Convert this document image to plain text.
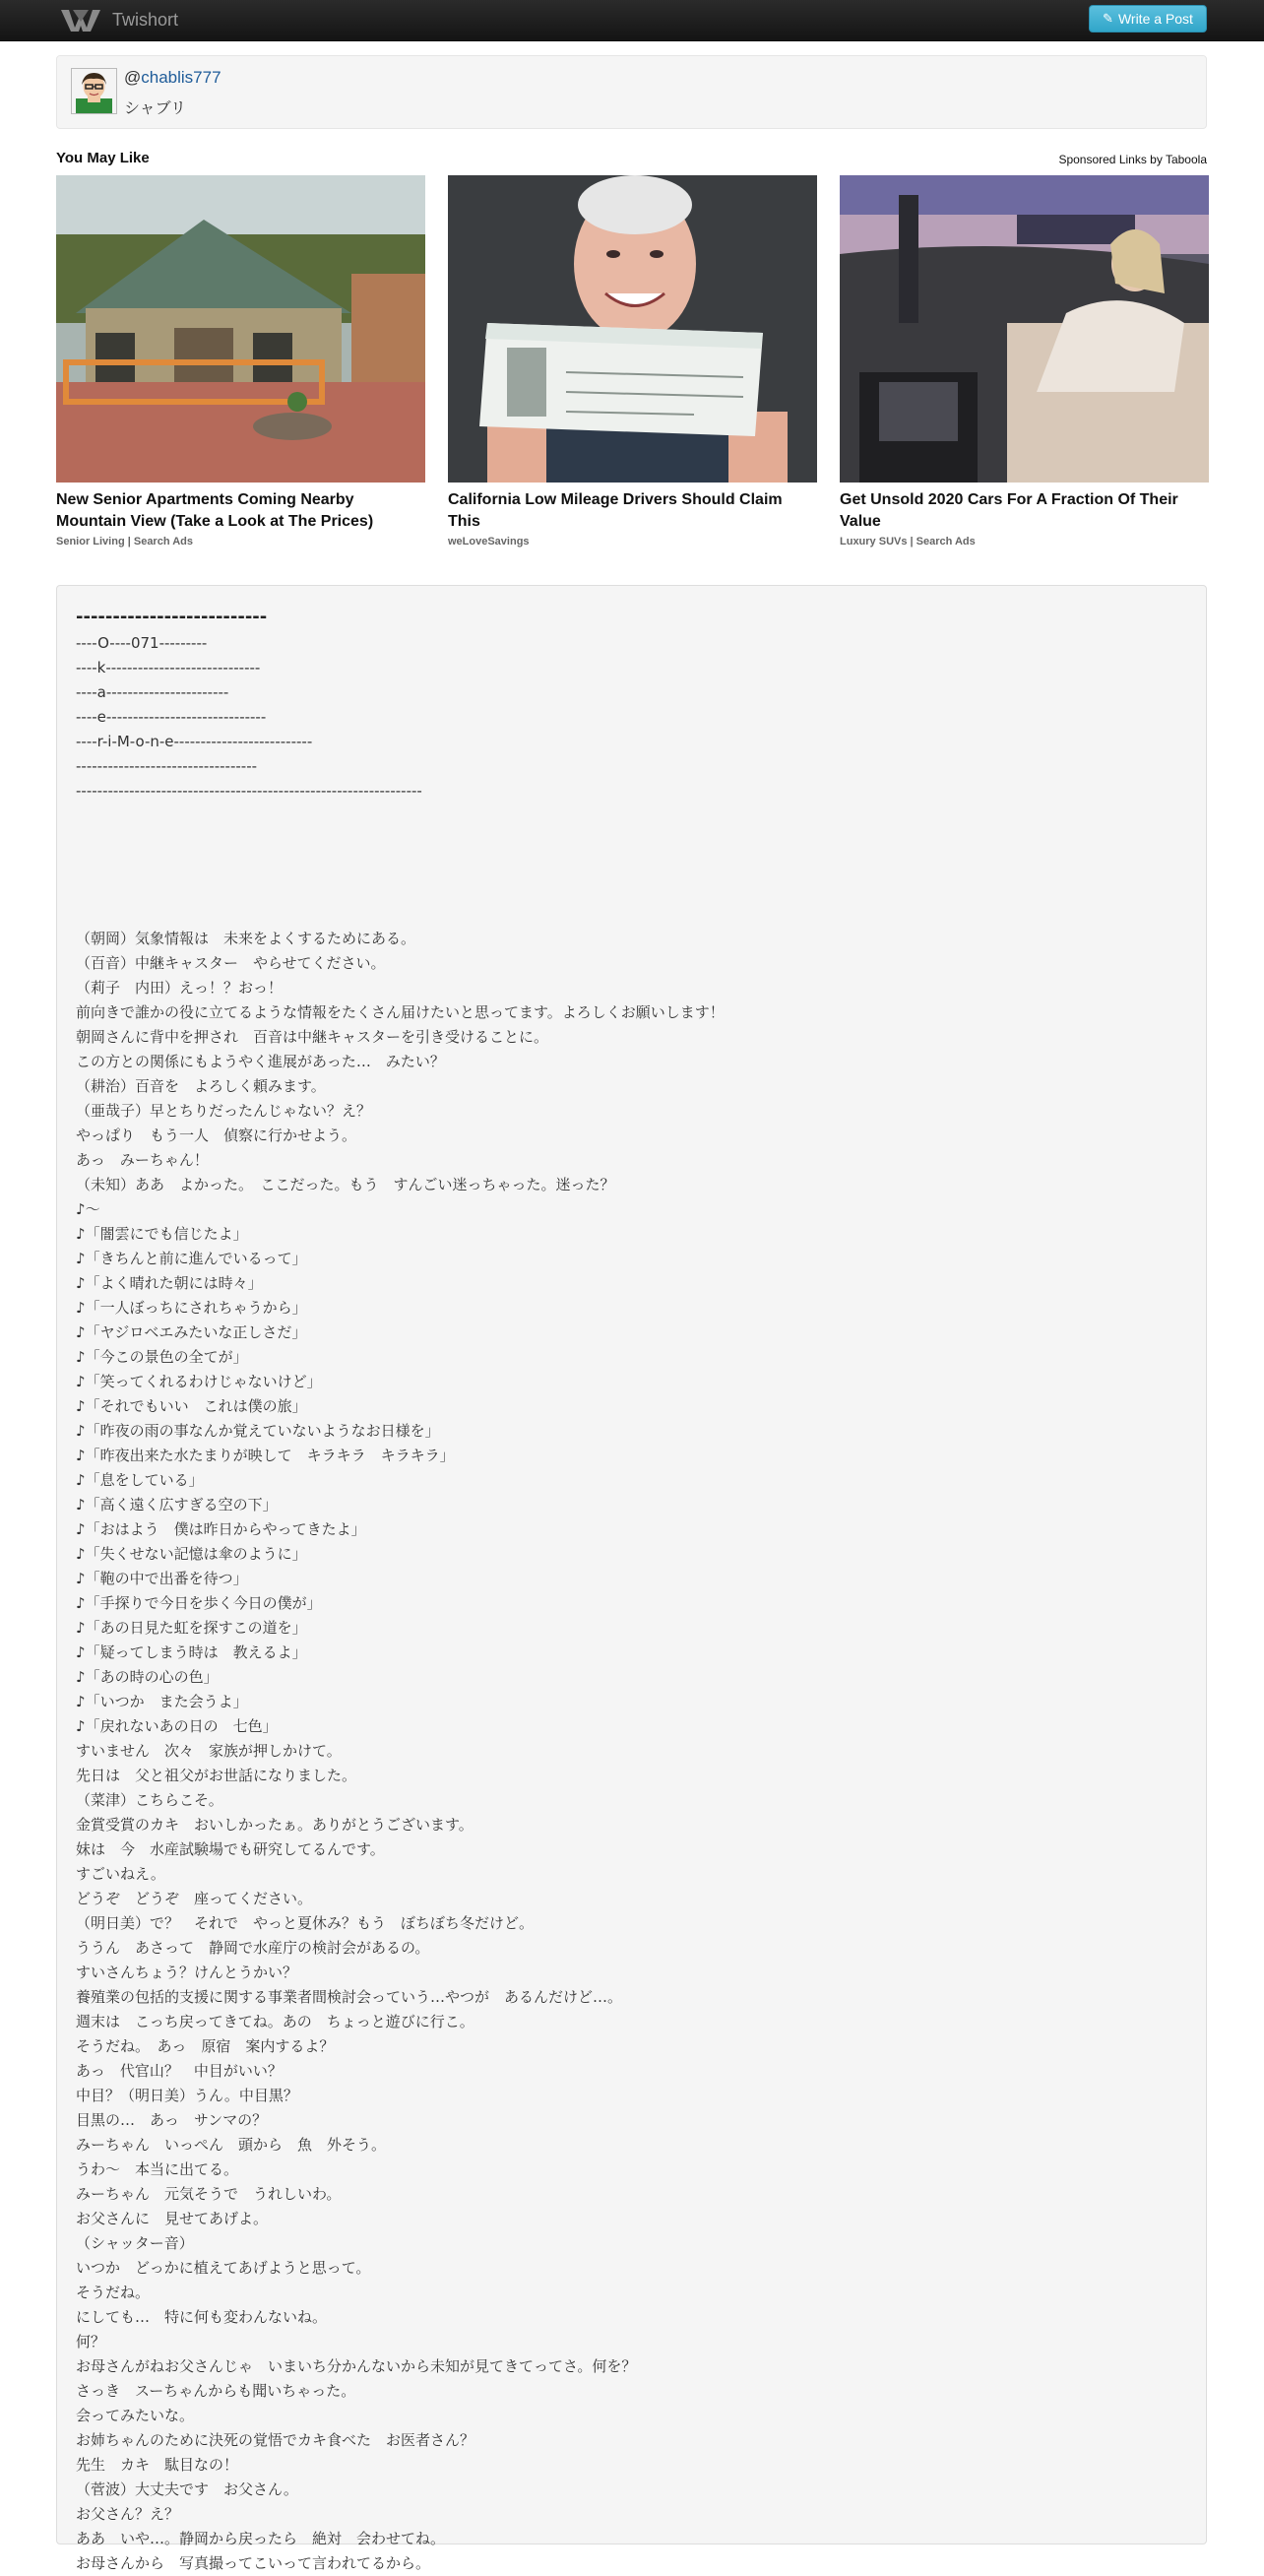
Twishort	✎ Write a Post
@chablis777
シャブリ
You May Like	Sponsored Links by Taboola
New Senior Apartments Coming Nearby
Mountain View (Take a Look at The Prices)
Senior Living | Search Ads
California Low Mileage Drivers Should Claim This
weLoveSavings
Get Unsold 2020 Cars For A Fraction Of Their
Value
Luxury SUVs | Search Ads
--------------------------
----O----071---------
----k-----------------------------
----a-----------------------
----e------------------------------
----r-i-M-o-n-e--------------------------
----------------------------------
-----------------------------------------------------------------
（朝岡）気象情報は　未来をよくするためにある。
（百音）中継キャスター　やらせてください。
（莉子　内田）えっ！？おっ！
前向きで誰かの役に立てるような情報をたくさん届けたいと思ってます。よろしくお願いします！
朝岡さんに背中を押され　百音は中継キャスターを引き受けることに。
この方との関係にもようやく進展があった…　みたい？
（耕治）百音を　よろしく頼みます。
（亜哉子）早とちりだったんじゃない？え？
やっぱり　もう一人　偵察に行かせよう。
あっ　みーちゃん！
（未知）ああ　よかった。　ここだった。もう　すんごい迷っちゃった。迷った？
♪～
♪「闇雲にでも信じたよ」
♪「きちんと前に進んでいるって」
♪「よく晴れた朝には時々」
♪「一人ぼっちにされちゃうから」
♪「ヤジロベエみたいな正しさだ」
♪「今この景色の全てが」
♪「笑ってくれるわけじゃないけど」
♪「それでもいい　これは僕の旅」
♪「昨夜の雨の事なんか覚えていないようなお日様を」
♪「昨夜出来た水たまりが映して　キラキラ　キラキラ」
♪「息をしている」
♪「高く遠く広すぎる空の下」
♪「おはよう　僕は昨日からやってきたよ」
♪「失くせない記憶は傘のように」
♪「鞄の中で出番を待つ」
♪「手探りで今日を歩く今日の僕が」
♪「あの日見た虹を探すこの道を」
♪「疑ってしまう時は　教えるよ」
♪「あの時の心の色」
♪「いつか　また会うよ」
♪「戻れないあの日の　七色」
すいません　次々　家族が押しかけて。
先日は　父と祖父がお世話になりました。
（菜津）こちらこそ。
金賞受賞のカキ　おいしかったぁ。ありがとうございます。
妹は　今　水産試験場でも研究してるんです。
すごいねえ。
どうぞ　どうぞ　座ってください。
（明日美）で？　それで　やっと夏休み？もう　ぼちぼち冬だけど。
ううん　あさって　静岡で水産庁の検討会があるの。
すいさんちょう？けんとうかい？
養殖業の包括的支援に関する事業者間検討会っていう…やつが　あるんだけど…。
週末は　こっち戻ってきてね。あの　ちょっと遊びに行こ。
そうだね。　あっ　原宿　案内するよ？
あっ　代官山？　中目がいい？
中目？（明日美）うん。中目黒？
目黒の…　あっ　サンマの？
みーちゃん　いっぺん　頭から　魚　外そう。
うわ～　本当に出てる。
みーちゃん　元気そうで　うれしいわ。
お父さんに　見せてあげよ。
（シャッター音）
いつか　どっかに植えてあげようと思って。
そうだね。
にしても…　特に何も変わんないね。
何？
お母さんがねお父さんじゃ　いまいち分かんないから未知が見てきてってさ。何を？
さっき　スーちゃんからも聞いちゃった。
会ってみたいな。
お姉ちゃんのために決死の覚悟でカキ食べた　お医者さん？
先生　カキ　駄目なの！
（菅波）大丈夫です　お父さん。
お父さん？え？
ああ　いや…。静岡から戻ったら　絶対　会わせてね。
お母さんから　写真撮ってこいって言われてるから。
